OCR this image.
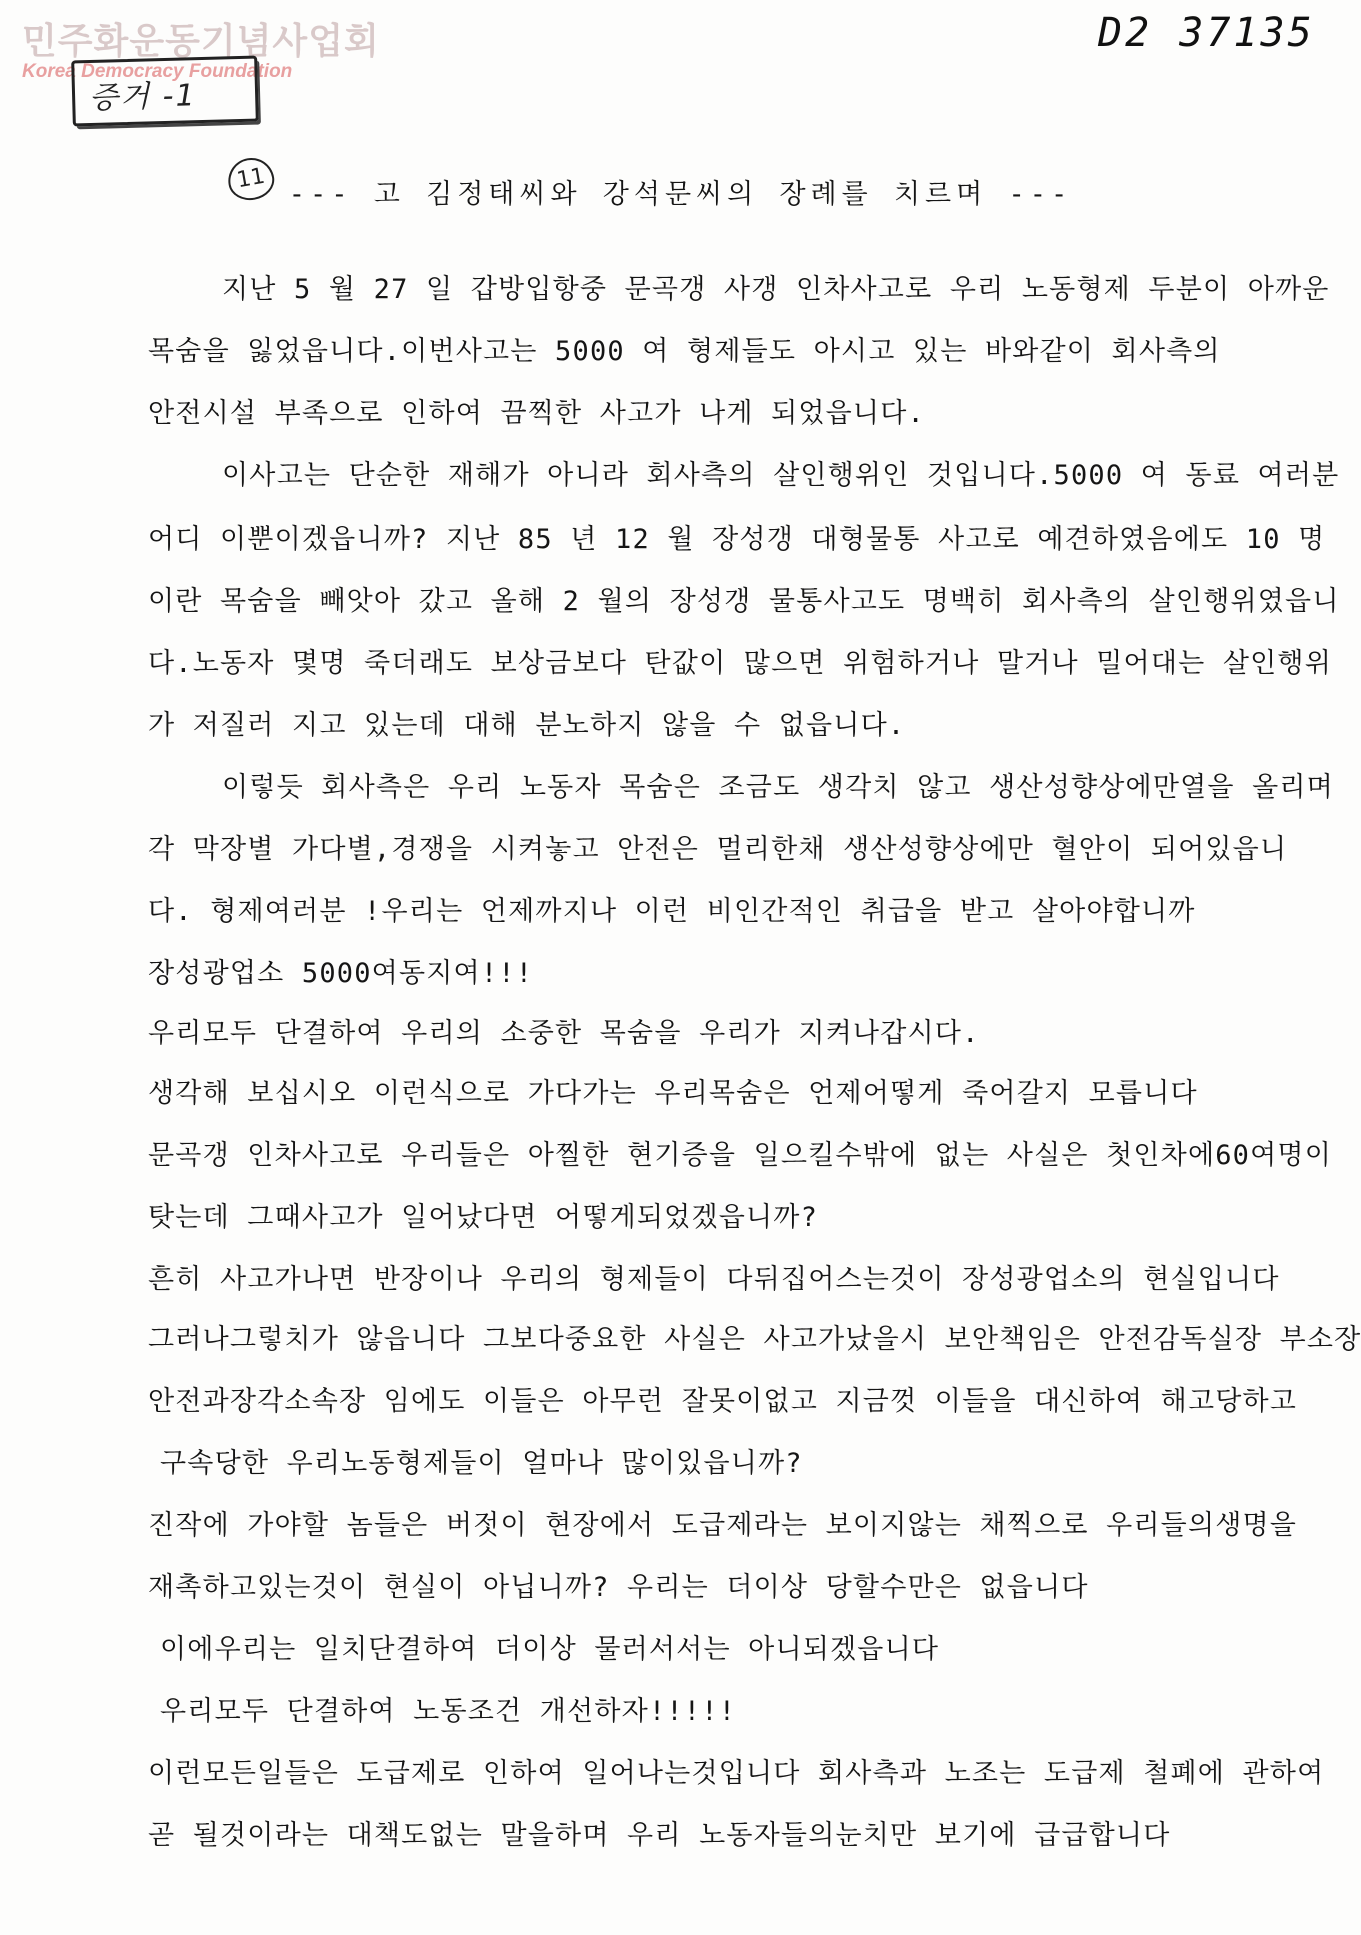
민주화운동기념사업회
Korea Democracy Foundation
증거 -1
D2 37135
11
--- 고 김정태씨와 강석문씨의 장례를 치르며 ---
지난 5 월 27 일 갑방입항중 문곡갱 사갱 인차사고로 우리 노동형제 두분이 아까운
목숨을 잃었읍니다.이번사고는 5000 여 형제들도 아시고 있는 바와같이 회사측의
안전시설 부족으로 인하여 끔찍한 사고가 나게 되었읍니다.
이사고는 단순한 재해가 아니라 회사측의 살인행위인 것입니다.5000 여 동료 여러분
어디 이뿐이겠읍니까? 지난 85 년 12 월 장성갱 대형물통 사고로 예견하였음에도 10 명
이란 목숨을 빼앗아 갔고 올해 2 월의 장성갱 물통사고도 명백히 회사측의 살인행위였읍니
다.노동자 몇명 죽더래도 보상금보다 탄값이 많으면 위험하거나 말거나 밀어대는 살인행위
가 저질러 지고 있는데 대해 분노하지 않을 수 없읍니다.
이렇듯 회사측은 우리 노동자 목숨은 조금도 생각치 않고 생산성향상에만열을 올리며
각 막장별 가다별,경쟁을 시켜놓고 안전은 멀리한채 생산성향상에만 혈안이 되어있읍니
다. 형제여러분 !우리는 언제까지나 이런 비인간적인 취급을 받고 살아야합니까
장성광업소 5000여동지여!!!
우리모두 단결하여 우리의 소중한 목숨을 우리가 지켜나갑시다.
생각해 보십시오 이런식으로 가다가는 우리목숨은 언제어떻게 죽어갈지 모릅니다
문곡갱 인차사고로 우리들은 아찔한 현기증을 일으킬수밖에 없는 사실은 첫인차에60여명이
탓는데 그때사고가 일어났다면 어떻게되었겠읍니까?
흔히 사고가나면 반장이나 우리의 형제들이 다뒤집어스는것이 장성광업소의 현실입니다
그러나그렇치가 않읍니다 그보다중요한 사실은 사고가났을시 보안책임은 안전감독실장 부소장
안전과장각소속장 임에도 이들은 아무런 잘못이없고 지금껏 이들을 대신하여 해고당하고
구속당한 우리노동형제들이 얼마나 많이있읍니까?
진작에 가야할 놈들은 버젓이 현장에서 도급제라는 보이지않는 채찍으로 우리들의생명을
재촉하고있는것이 현실이 아닙니까? 우리는 더이상 당할수만은 없읍니다
이에우리는 일치단결하여 더이상 물러서서는 아니되겠읍니다
우리모두 단결하여 노동조건 개선하자!!!!!
이런모든일들은 도급제로 인하여 일어나는것입니다 회사측과 노조는 도급제 철폐에 관하여
곧 될것이라는 대책도없는 말을하며 우리 노동자들의눈치만 보기에 급급합니다
